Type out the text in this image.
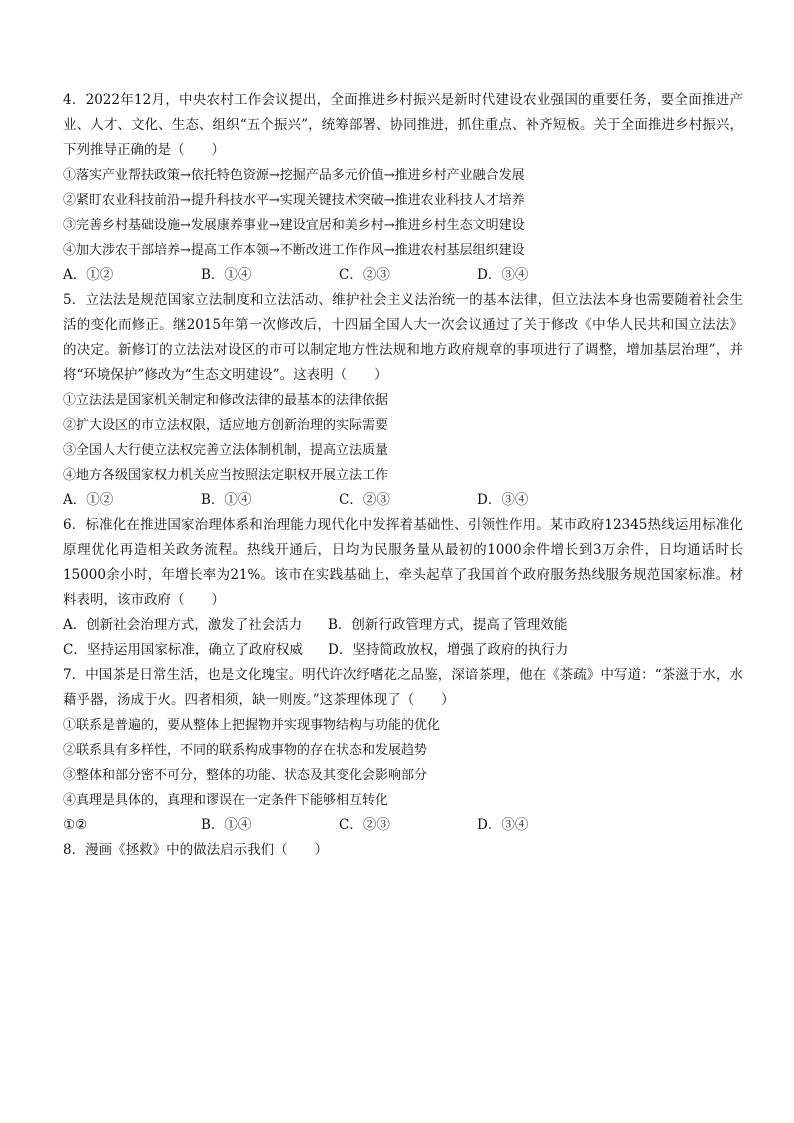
4．2022年12月，中央农村工作会议提出，全面推进乡村振兴是新时代建设农业强国的重要任务，要全面推进产业、人才、文化、生态、组织“五个振兴”，统筹部署、协同推进，抓住重点、补齐短板。关于全面推进乡村振兴，下列推导正确的是（　　）

①落实产业帮扶政策→依托特色资源→挖掘产品多元价值→推进乡村产业融合发展

②紧盯农业科技前沿→提升科技水平→实现关键技术突破→推进农业科技人才培养

③完善乡村基础设施→发展康养事业→建设宜居和美乡村→推进乡村生态文明建设

④加大涉农干部培养→提高工作本领→不断改进工作作风→推进农村基层组织建设

A．①②	B．①④	C．②③	D．③④

5．立法法是规范国家立法制度和立法活动、维护社会主义法治统一的基本法律，但立法法本身也需要随着社会生活的变化而修正。继2015年第一次修改后，十四届全国人大一次会议通过了关于修改《中华人民共和国立法法》的决定。新修订的立法法对设区的市可以制定地方性法规和地方政府规章的事项进行了调整，增加基层治理”，并将“环境保护”修改为“生态文明建设”。这表明（　　）

①立法法是国家机关制定和修改法律的最基本的法律依据

②扩大设区的市立法权限，适应地方创新治理的实际需要

③全国人大行使立法权完善立法体制机制，提高立法质量

④地方各级国家权力机关应当按照法定职权开展立法工作

A．①②	B．①④	C．②③	D．③④

6．标准化在推进国家治理体系和治理能力现代化中发挥着基础性、引领性作用。某市政府12345热线运用标准化原理优化再造相关政务流程。热线开通后，日均为民服务量从最初的1000余件增长到3万余件，日均通话时长15000余小时，年增长率为21%。该市在实践基础上，牵头起草了我国首个政府服务热线服务规范国家标准。材料表明，该市政府（　　）

A．创新社会治理方式，激发了社会活力	B．创新行政管理方式，提高了管理效能
C．坚持运用国家标准，确立了政府权威	D．坚持简政放权，增强了政府的执行力

7．中国茶是日常生活，也是文化瑰宝。明代许次纾嗜花之品鉴，深谙茶理，他在《茶疏》中写道：“茶滋于水，水藉乎器，汤成于火。四者相须，缺一则废。”这茶理体现了（　　）

①联系是普遍的，要从整体上把握物并实现事物结构与功能的优化

②联系具有多样性，不同的联系构成事物的存在状态和发展趋势

③整体和部分密不可分，整体的功能、状态及其变化会影响部分

④真理是具体的，真理和谬误在一定条件下能够相互转化

①②	B．①④	C．②③	D．③④

8．漫画《拯救》中的做法启示我们（　　）
